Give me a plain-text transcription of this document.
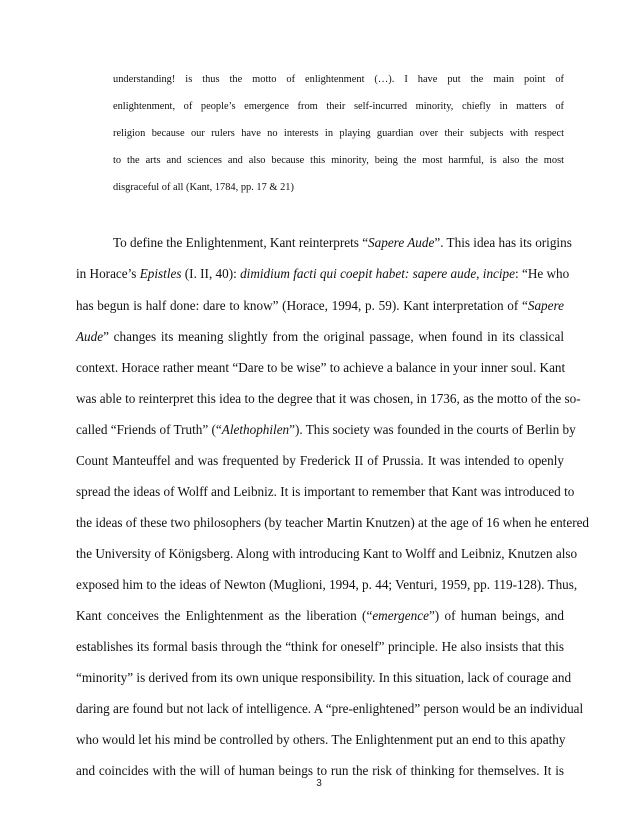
understanding! is thus the motto of enlightenment (…). I have put the main point of
enlightenment, of people’s emergence from their self-incurred minority, chiefly in matters of
religion because our rulers have no interests in playing guardian over their subjects with respect
to the arts and sciences and also because this minority, being the most harmful, is also the most
disgraceful of all (Kant, 1784, pp. 17 & 21)
To define the Enlightenment, Kant reinterprets “Sapere Aude”. This idea has its origins
in Horace’s Epistles (I. II, 40): dimidium facti qui coepit habet: sapere aude, incipe: “He who
has begun is half done: dare to know” (Horace, 1994, p. 59). Kant interpretation of “Sapere
Aude” changes its meaning slightly from the original passage, when found in its classical
context. Horace rather meant “Dare to be wise” to achieve a balance in your inner soul. Kant
was able to reinterpret this idea to the degree that it was chosen, in 1736, as the motto of the so-
called “Friends of Truth” (“Alethophilen”). This society was founded in the courts of Berlin by
Count Manteuffel and was frequented by Frederick II of Prussia. It was intended to openly
spread the ideas of Wolff and Leibniz. It is important to remember that Kant was introduced to
the ideas of these two philosophers (by teacher Martin Knutzen) at the age of 16 when he entered
the University of Königsberg. Along with introducing Kant to Wolff and Leibniz, Knutzen also
exposed him to the ideas of Newton (Muglioni, 1994, p. 44; Venturi, 1959, pp. 119-128). Thus,
Kant conceives the Enlightenment as the liberation (“emergence”) of human beings, and
establishes its formal basis through the “think for oneself” principle. He also insists that this
“minority” is derived from its own unique responsibility. In this situation, lack of courage and
daring are found but not lack of intelligence. A “pre-enlightened” person would be an individual
who would let his mind be controlled by others. The Enlightenment put an end to this apathy
and coincides with the will of human beings to run the risk of thinking for themselves. It is
3
